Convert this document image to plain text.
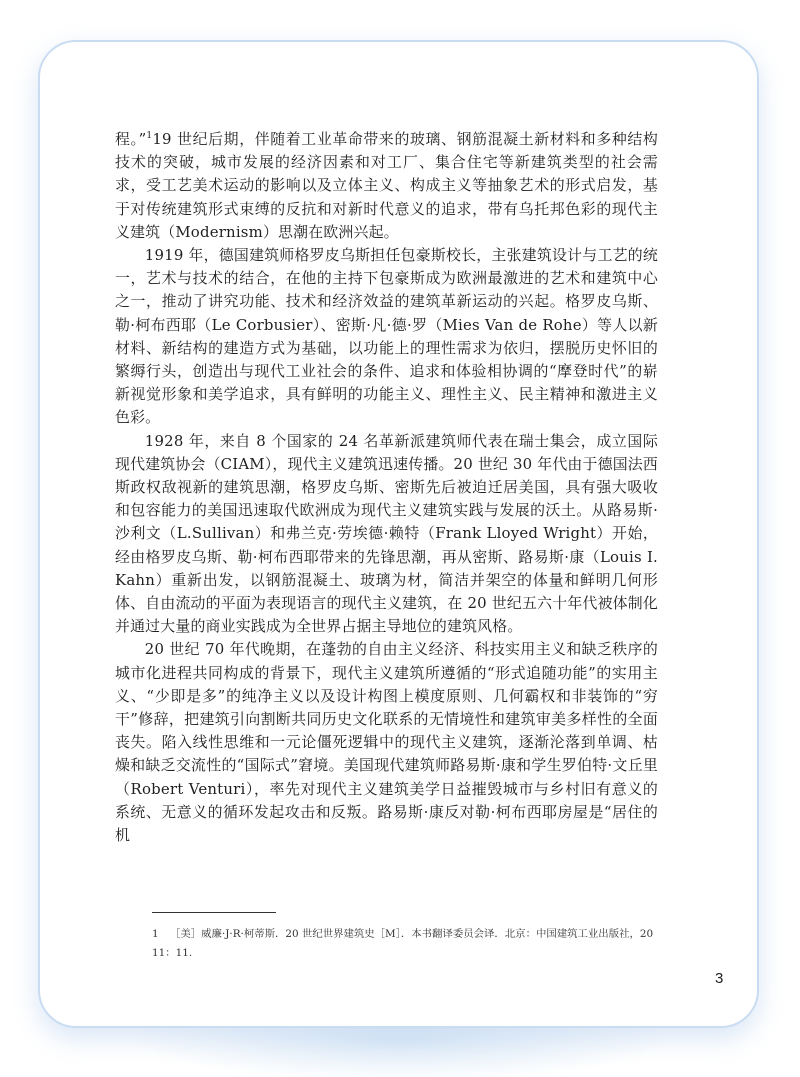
程。”$^1$19 世纪后期，伴随着工业革命带来的玻璃、钢筋混凝土新材料和多种结构技术的突破，城市发展的经济因素和对工厂、集合住宅等新建筑类型的社会需求，受工艺美术运动的影响以及立体主义、构成主义等抽象艺术的形式启发，基于对传统建筑形式束缚的反抗和对新时代意义的追求，带有乌托邦色彩的现代主义建筑（Modernism）思潮在欧洲兴起。

1919 年，德国建筑师格罗皮乌斯担任包豪斯校长，主张建筑设计与工艺的统一，艺术与技术的结合，在他的主持下包豪斯成为欧洲最激进的艺术和建筑中心之一，推动了讲究功能、技术和经济效益的建筑革新运动的兴起。格罗皮乌斯、勒·柯布西耶（Le Corbusier）、密斯·凡·德·罗（Mies Van de Rohe）等人以新材料、新结构的建造方式为基础，以功能上的理性需求为依归，摆脱历史怀旧的繁缛行头，创造出与现代工业社会的条件、追求和体验相协调的“摩登时代”的崭新视觉形象和美学追求，具有鲜明的功能主义、理性主义、民主精神和激进主义色彩。

1928 年，来自 8 个国家的 24 名革新派建筑师代表在瑞士集会，成立国际现代建筑协会（CIAM），现代主义建筑迅速传播。20 世纪 30 年代由于德国法西斯政权敌视新的建筑思潮，格罗皮乌斯、密斯先后被迫迁居美国，具有强大吸收和包容能力的美国迅速取代欧洲成为现代主义建筑实践与发展的沃土。从路易斯·沙利文（L.Sullivan）和弗兰克·劳埃德·赖特（Frank Lloyed Wright）开始，经由格罗皮乌斯、勒·柯布西耶带来的先锋思潮，再从密斯、路易斯·康（Louis I.Kahn）重新出发，以钢筋混凝土、玻璃为材，简洁并架空的体量和鲜明几何形体、自由流动的平面为表现语言的现代主义建筑，在 20 世纪五六十年代被体制化并通过大量的商业实践成为全世界占据主导地位的建筑风格。

20 世纪 70 年代晚期，在蓬勃的自由主义经济、科技实用主义和缺乏秩序的城市化进程共同构成的背景下，现代主义建筑所遵循的“形式追随功能”的实用主义、“少即是多”的纯净主义以及设计构图上模度原则、几何霸权和非装饰的“穷干”修辞，把建筑引向割断共同历史文化联系的无情境性和建筑审美多样性的全面丧失。陷入线性思维和一元论僵死逻辑中的现代主义建筑，逐渐沦落到单调、枯燥和缺乏交流性的“国际式”窘境。美国现代建筑师路易斯·康和学生罗伯特·文丘里（Robert Venturi），率先对现代主义建筑美学日益摧毁城市与乡村旧有意义的系统、无意义的循环发起攻击和反叛。路易斯·康反对勒·柯布西耶房屋是“居住的机

1 ［美］威廉·J·R·柯蒂斯．20 世纪世界建筑史［M］．本书翻译委员会译．北京：中国建筑工业出版社，2011：11.

3
